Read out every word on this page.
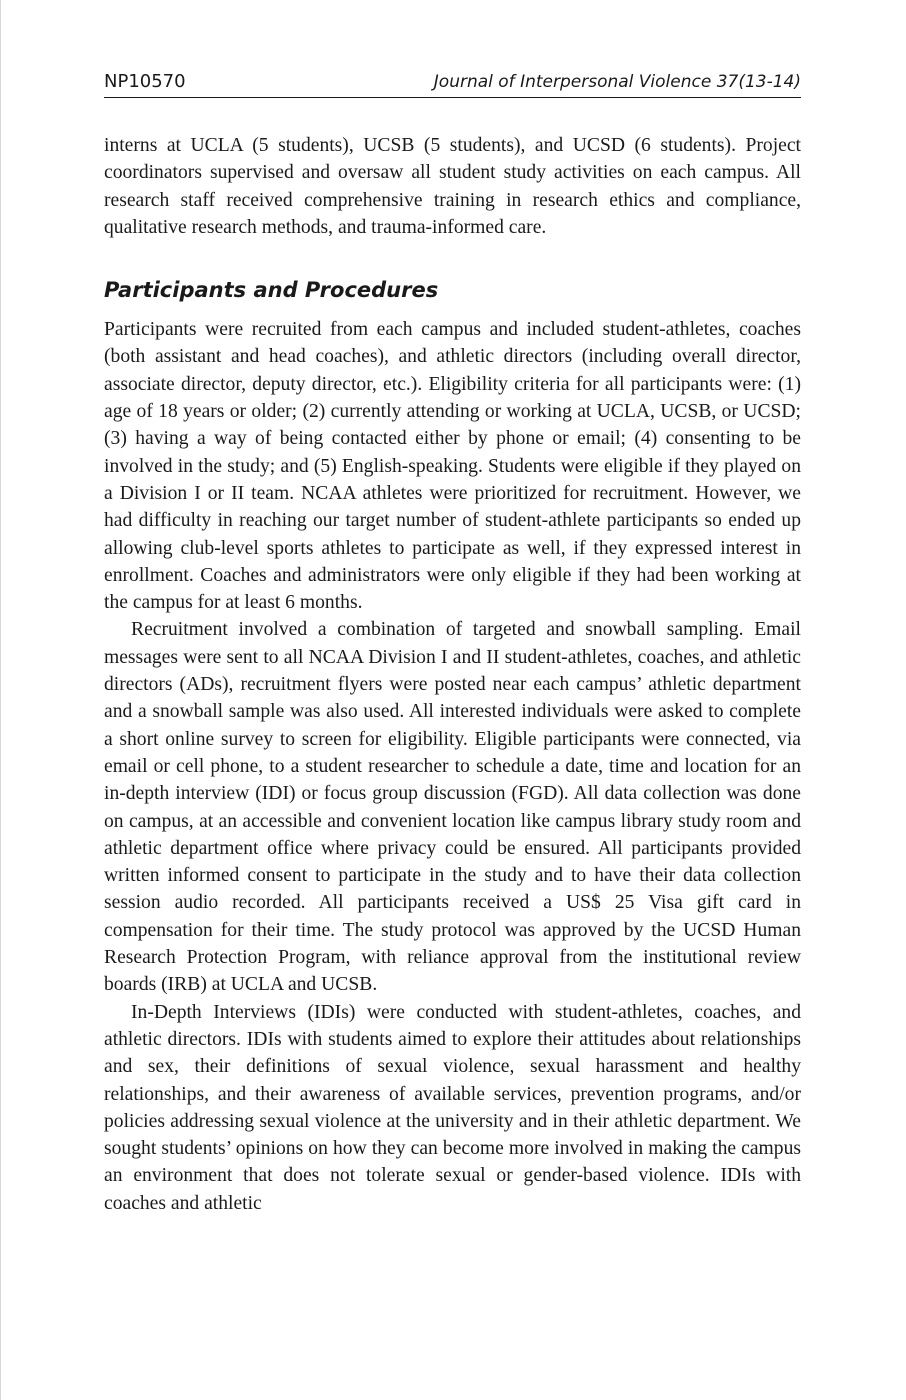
NP10570	Journal of Interpersonal Violence 37(13-14)

interns at UCLA (5 students), UCSB (5 students), and UCSD (6 students). Project coordinators supervised and oversaw all student study activities on each campus. All research staff received comprehensive training in research ethics and compliance, qualitative research methods, and trauma-informed care.

Participants and Procedures

Participants were recruited from each campus and included student-athletes, coaches (both assistant and head coaches), and athletic directors (including overall director, associate director, deputy director, etc.). Eligibility criteria for all participants were: (1) age of 18 years or older; (2) currently attending or working at UCLA, UCSB, or UCSD; (3) having a way of being contacted either by phone or email; (4) consenting to be involved in the study; and (5) English-speaking. Students were eligible if they played on a Division I or II team. NCAA athletes were prioritized for recruitment. However, we had difficulty in reaching our target number of student-athlete participants so ended up allowing club-level sports athletes to participate as well, if they expressed interest in enrollment. Coaches and administrators were only eligible if they had been working at the campus for at least 6 months.

Recruitment involved a combination of targeted and snowball sampling. Email messages were sent to all NCAA Division I and II student-athletes, coaches, and athletic directors (ADs), recruitment flyers were posted near each campus’ athletic department and a snowball sample was also used. All interested individuals were asked to complete a short online survey to screen for eligibility. Eligible participants were connected, via email or cell phone, to a student researcher to schedule a date, time and location for an in-depth interview (IDI) or focus group discussion (FGD). All data collection was done on campus, at an accessible and convenient location like campus library study room and athletic department office where privacy could be ensured. All participants provided written informed consent to participate in the study and to have their data collection session audio recorded. All participants received a US$ 25 Visa gift card in compensation for their time. The study protocol was approved by the UCSD Human Research Protection Program, with reliance approval from the institutional review boards (IRB) at UCLA and UCSB.

In-Depth Interviews (IDIs) were conducted with student-athletes, coaches, and athletic directors. IDIs with students aimed to explore their attitudes about relationships and sex, their definitions of sexual violence, sexual harassment and healthy relationships, and their awareness of available services, prevention programs, and/or policies addressing sexual violence at the university and in their athletic department. We sought students’ opinions on how they can become more involved in making the campus an environment that does not tolerate sexual or gender-based violence. IDIs with coaches and athletic
